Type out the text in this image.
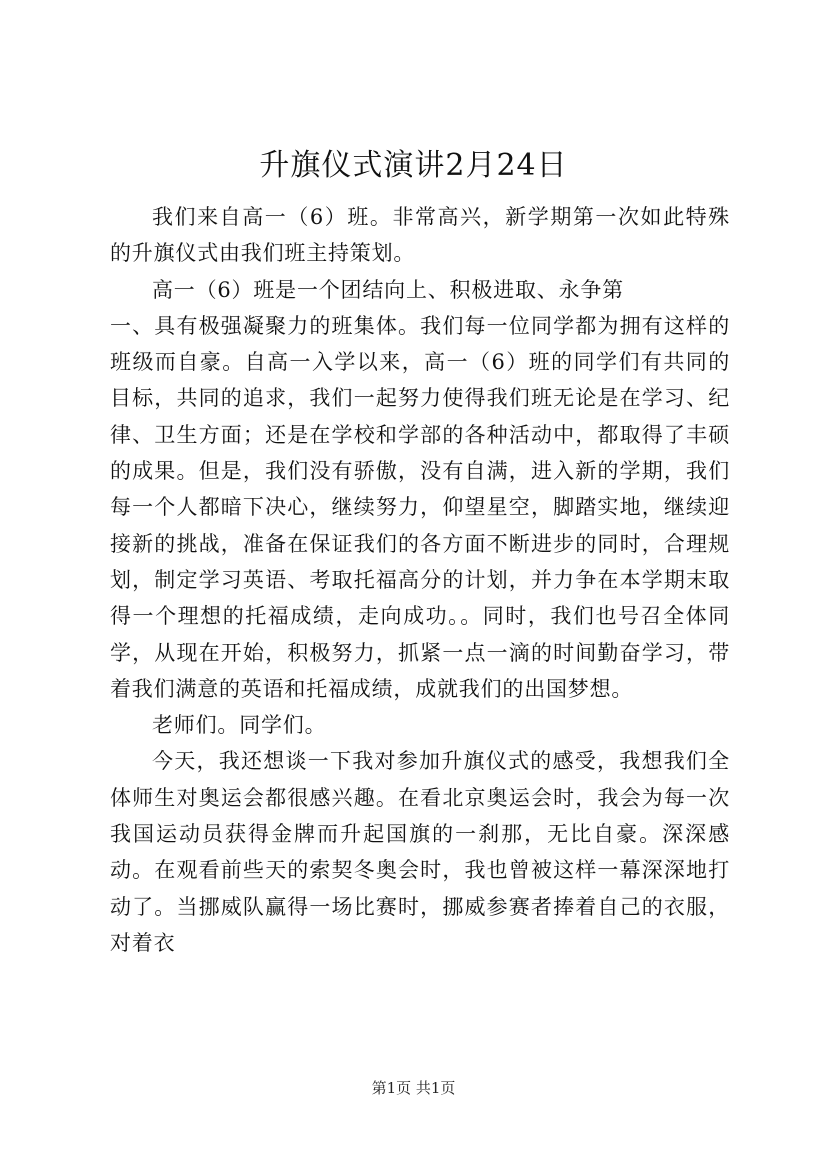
升旗仪式演讲2月24日

我们来自高一（6）班。非常高兴，新学期第一次如此特殊的升旗仪式由我们班主持策划。

高一（6）班是一个团结向上、积极进取、永争第

一、具有极强凝聚力的班集体。我们每一位同学都为拥有这样的班级而自豪。自高一入学以来，高一（6）班的同学们有共同的目标，共同的追求，我们一起努力使得我们班无论是在学习、纪律、卫生方面；还是在学校和学部的各种活动中，都取得了丰硕的成果。但是，我们没有骄傲，没有自满，进入新的学期，我们每一个人都暗下决心，继续努力，仰望星空，脚踏实地，继续迎接新的挑战，准备在保证我们的各方面不断进步的同时，合理规划，制定学习英语、考取托福高分的计划，并力争在本学期末取得一个理想的托福成绩，走向成功。。同时，我们也号召全体同学，从现在开始，积极努力，抓紧一点一滴的时间勤奋学习，带着我们满意的英语和托福成绩，成就我们的出国梦想。

老师们。同学们。

今天，我还想谈一下我对参加升旗仪式的感受，我想我们全体师生对奥运会都很感兴趣。在看北京奥运会时，我会为每一次我国运动员获得金牌而升起国旗的一刹那，无比自豪。深深感动。在观看前些天的索契冬奥会时，我也曾被这样一幕深深地打动了。当挪威队赢得一场比赛时，挪威参赛者捧着自己的衣服，对着衣

第1页 共1页
